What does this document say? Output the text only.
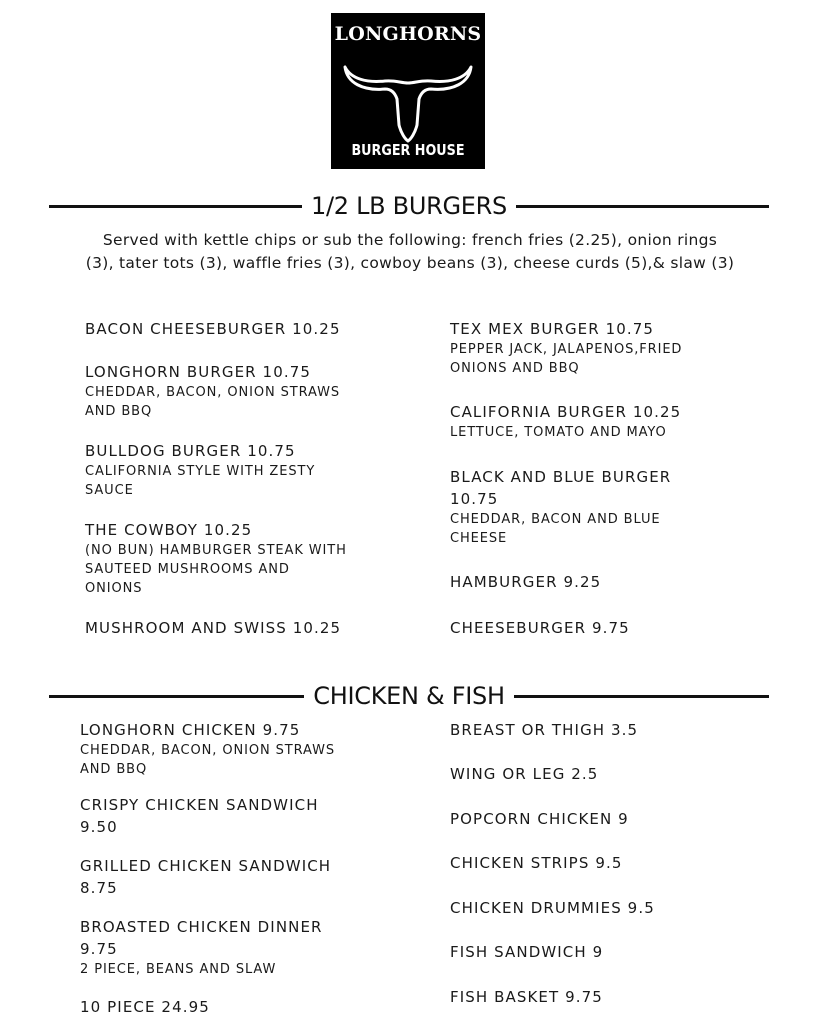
LONGHORNS
BURGER HOUSE
1/2 LB BURGERS
Served with kettle chips or sub the following: french fries (2.25), onion rings
(3), tater tots (3), waffle fries (3), cowboy beans (3), cheese curds (5),& slaw (3)
CHICKEN & FISH
BACON CHEESEBURGER 10.25
LONGHORN BURGER 10.75
CHEDDAR, BACON, ONION STRAWS
AND BBQ
BULLDOG BURGER 10.75
CALIFORNIA STYLE WITH ZESTY
SAUCE
THE COWBOY 10.25
(NO BUN) HAMBURGER STEAK WITH
SAUTEED MUSHROOMS AND
ONIONS
MUSHROOM AND SWISS 10.25
TEX MEX BURGER 10.75
PEPPER JACK, JALAPENOS,FRIED
ONIONS AND BBQ
CALIFORNIA BURGER 10.25
LETTUCE, TOMATO AND MAYO
BLACK AND BLUE BURGER
10.75
CHEDDAR, BACON AND BLUE
CHEESE
HAMBURGER 9.25
CHEESEBURGER 9.75
LONGHORN CHICKEN 9.75
CHEDDAR, BACON, ONION STRAWS
AND BBQ
CRISPY CHICKEN SANDWICH
9.50
GRILLED CHICKEN SANDWICH
8.75
BROASTED CHICKEN DINNER
9.75
2 PIECE, BEANS AND SLAW
10 PIECE 24.95
BREAST OR THIGH 3.5
WING OR LEG 2.5
POPCORN CHICKEN 9
CHICKEN STRIPS 9.5
CHICKEN DRUMMIES 9.5
FISH SANDWICH 9
FISH BASKET 9.75
